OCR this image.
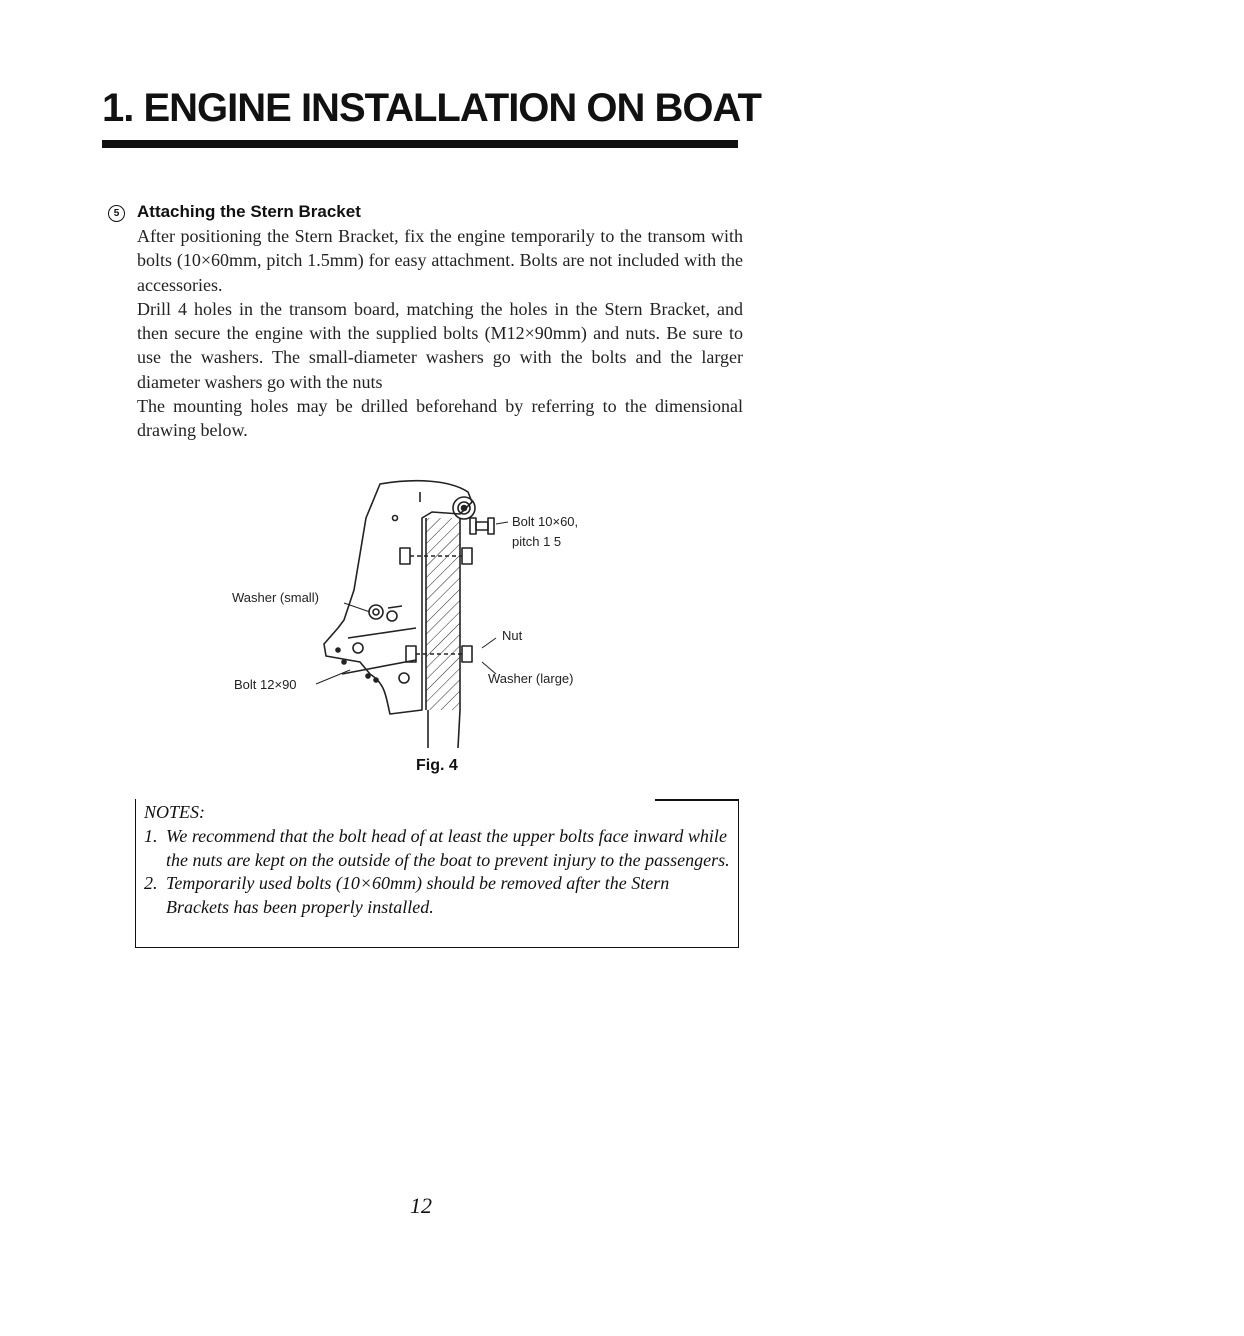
1. ENGINE INSTALLATION ON BOAT
5 Attaching the Stern Bracket

After positioning the Stern Bracket, fix the engine temporarily to the transom with bolts (10×60mm, pitch 1.5mm) for easy attachment. Bolts are not included with the accessories.

Drill 4 holes in the transom board, matching the holes in the Stern Bracket, and then secure the engine with the supplied bolts (M12×90mm) and nuts. Be sure to use the washers. The small-diameter washers go with the bolts and the larger diameter washers go with the nuts

The mounting holes may be drilled beforehand by referring to the dimensional drawing below.

Bolt 10×60,
pitch 1 5
Washer (small)
Nut
Bolt 12×90	Washer (large)
Fig. 4
NOTES:
1. We recommend that the bolt head of at least the upper bolts face inward while the nuts are kept on the outside of the boat to prevent injury to the passengers.
2. Temporarily used bolts (10×60mm) should be removed after the Stern Brackets has been properly installed.
12
